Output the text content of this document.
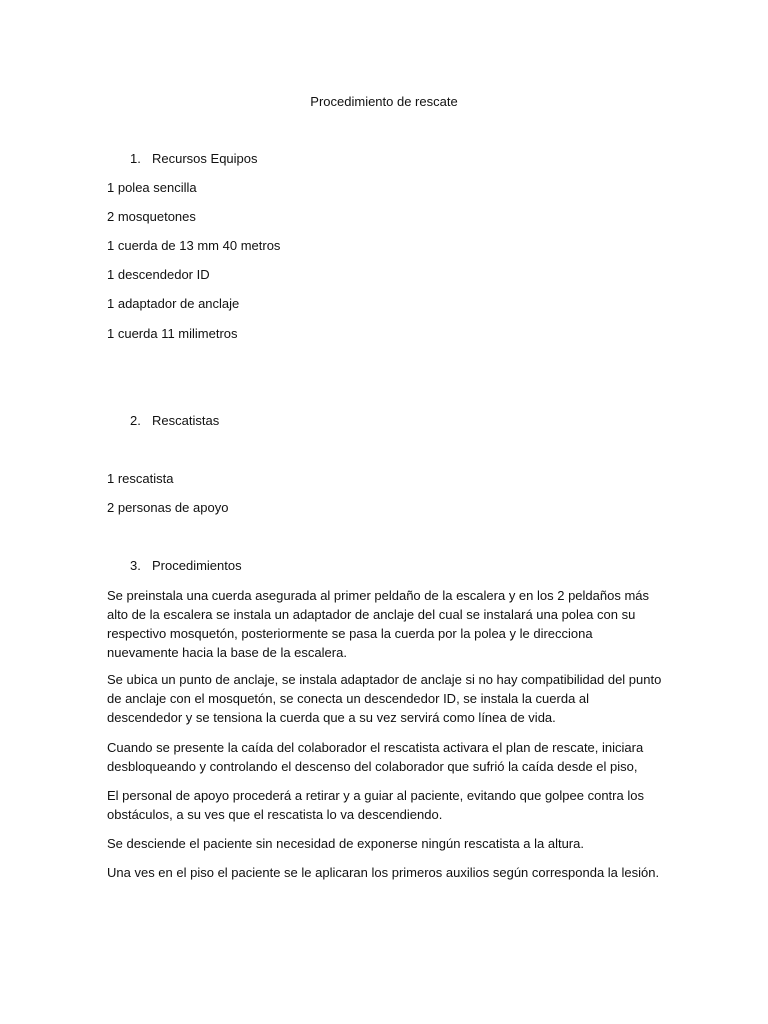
Procedimiento de rescate
1. Recursos Equipos

1 polea sencilla

2 mosquetones

1 cuerda de 13 mm 40 metros

1 descendedor ID

1 adaptador de anclaje

1 cuerda 11 milimetros

2. Rescatistas

1 rescatista

2 personas de apoyo

3. Procedimientos

Se preinstala una cuerda asegurada al primer peldaño de la escalera y en los 2 peldaños más alto de la escalera se instala un adaptador de anclaje del cual se instalará una polea con su respectivo mosquetón, posteriormente se pasa la cuerda por la polea y le direcciona nuevamente hacia la base de la escalera.

Se ubica un punto de anclaje, se instala adaptador de anclaje si no hay compatibilidad del punto de anclaje con el mosquetón, se conecta un descendedor ID, se instala la cuerda al descendedor y se tensiona la cuerda que a su vez servirá como línea de vida.

Cuando se presente la caída del colaborador el rescatista activara el plan de rescate, iniciara desbloqueando y controlando el descenso del colaborador que sufrió la caída desde el piso,

El personal de apoyo procederá a retirar y a guiar al paciente, evitando que golpee contra los obstáculos, a su ves que el rescatista lo va descendiendo.

Se desciende el paciente sin necesidad de exponerse ningún rescatista a la altura.

Una ves en el piso el paciente se le aplicaran los primeros auxilios según corresponda la lesión.
